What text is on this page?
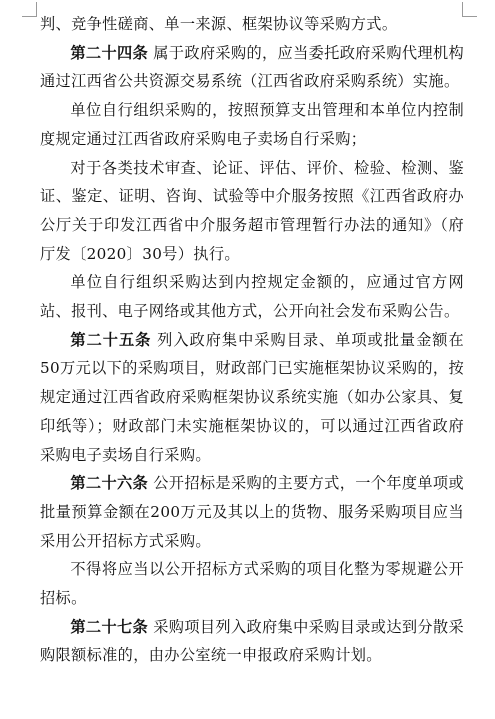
判、竞争性磋商、单一来源、框架协议等采购方式。

第二十四条 属于政府采购的，应当委托政府采购代理机构通过江西省公共资源交易系统（江西省政府采购系统）实施。

单位自行组织采购的，按照预算支出管理和本单位内控制度规定通过江西省政府采购电子卖场自行采购；

对于各类技术审查、论证、评估、评价、检验、检测、鉴证、鉴定、证明、咨询、试验等中介服务按照《江西省政府办公厅关于印发江西省中介服务超市管理暂行办法的通知》（府厅发〔2020〕30号）执行。

单位自行组织采购达到内控规定金额的，应通过官方网站、报刊、电子网络或其他方式，公开向社会发布采购公告。

第二十五条 列入政府集中采购目录、单项或批量金额在50万元以下的采购项目，财政部门已实施框架协议采购的，按规定通过江西省政府采购框架协议系统实施（如办公家具、复印纸等）；财政部门未实施框架协议的，可以通过江西省政府采购电子卖场自行采购。

第二十六条 公开招标是采购的主要方式，一个年度单项或批量预算金额在200万元及其以上的货物、服务采购项目应当采用公开招标方式采购。

不得将应当以公开招标方式采购的项目化整为零规避公开招标。

第二十七条 采购项目列入政府集中采购目录或达到分散采购限额标准的，由办公室统一申报政府采购计划。
